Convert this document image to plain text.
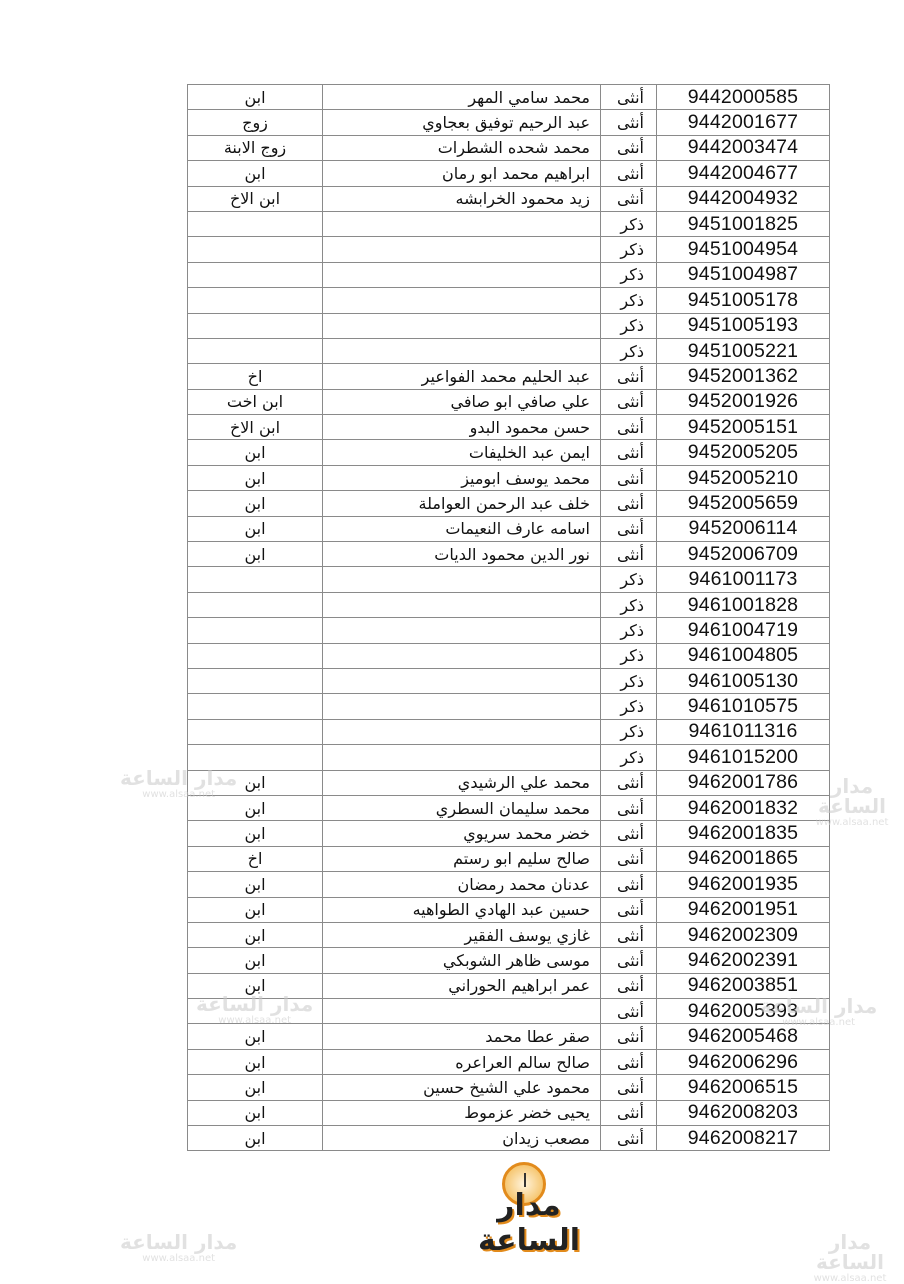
ابن	محمد سامي المهر	أنثى	9442000585
زوج	عبد الرحيم توفيق بعجاوي	أنثى	9442001677
زوج الابنة	محمد شحده الشطرات	أنثى	9442003474
ابن	ابراهيم محمد ابو رمان	أنثى	9442004677
ابن الاخ	زيد محمود الخرابشه	أنثى	9442004932
		ذكر	9451001825
		ذكر	9451004954
		ذكر	9451004987
		ذكر	9451005178
		ذكر	9451005193
		ذكر	9451005221
اخ	عبد الحليم محمد الفواعير	أنثى	9452001362
ابن اخت	علي صافي ابو صافي	أنثى	9452001926
ابن الاخ	حسن محمود البدو	أنثى	9452005151
ابن	ايمن عبد الخليفات	أنثى	9452005205
ابن	محمد يوسف ابوميز	أنثى	9452005210
ابن	خلف عبد الرحمن العواملة	أنثى	9452005659
ابن	اسامه عارف النعيمات	أنثى	9452006114
ابن	نور الدين محمود الديات	أنثى	9452006709
		ذكر	9461001173
		ذكر	9461001828
		ذكر	9461004719
		ذكر	9461004805
		ذكر	9461005130
		ذكر	9461010575
		ذكر	9461011316
		ذكر	9461015200
ابن	محمد علي الرشيدي	أنثى	9462001786
ابن	محمد سليمان السطري	أنثى	9462001832
ابن	خضر محمد سريوي	أنثى	9462001835
اخ	صالح سليم ابو رستم	أنثى	9462001865
ابن	عدنان محمد رمضان	أنثى	9462001935
ابن	حسين عبد الهادي الطواهيه	أنثى	9462001951
ابن	غازي يوسف الفقير	أنثى	9462002309
ابن	موسى ظاهر الشوبكي	أنثى	9462002391
ابن	عمر ابراهيم الحوراني	أنثى	9462003851
		أنثى	9462005393
ابن	صقر عطا محمد	أنثى	9462005468
ابن	صالح سالم العراعره	أنثى	9462006296
ابن	محمود علي الشيخ حسين	أنثى	9462006515
ابن	يحيى خضر عزموط	أنثى	9462008203
ابن	مصعب زيدان	أنثى	9462008217
مدار الساعة
www.alsaa.net	مدار الساعة
www.alsaa.net
مدار الساعة
www.alsaa.net
مدار الساعة
www.alsaa.net
مدار الساعة
www.alsaa.net
مدار الساعة
www.alsaa.net
مدار الساعة
